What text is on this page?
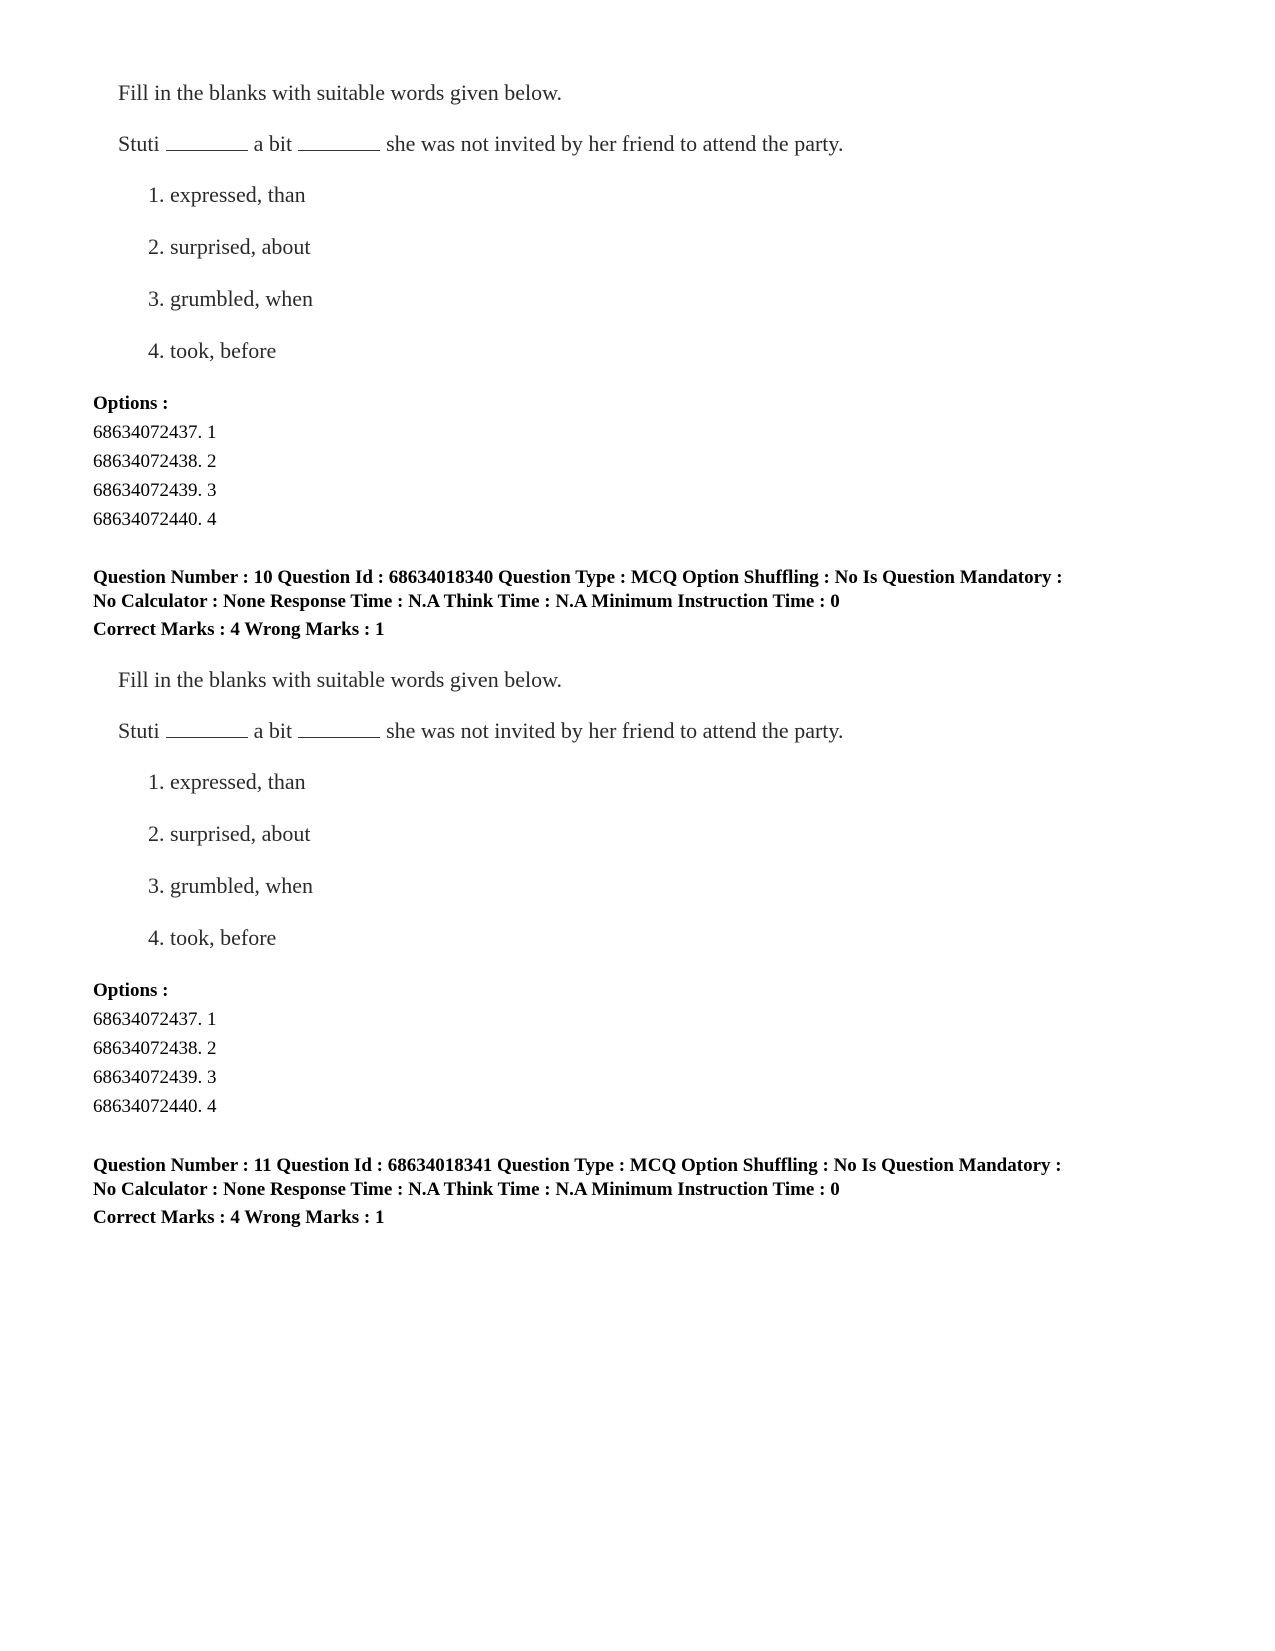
Fill in the blanks with suitable words given below.
Stuti	a bit	she was not invited by her friend to attend the party.
1. expressed, than
2. surprised, about
3. grumbled, when
4. took, before
Options :
68634072437. 1
68634072438. 2
68634072439. 3
68634072440. 4
Question Number : 10 Question Id : 68634018340 Question Type : MCQ Option Shuffling : No Is Question Mandatory :
No Calculator : None Response Time : N.A Think Time : N.A Minimum Instruction Time : 0
Correct Marks : 4 Wrong Marks : 1
Fill in the blanks with suitable words given below.
Stuti	a bit	she was not invited by her friend to attend the party.
1. expressed, than
2. surprised, about
3. grumbled, when
4. took, before
Options :
68634072437. 1
68634072438. 2
68634072439. 3
68634072440. 4
Question Number : 11 Question Id : 68634018341 Question Type : MCQ Option Shuffling : No Is Question Mandatory :
No Calculator : None Response Time : N.A Think Time : N.A Minimum Instruction Time : 0
Correct Marks : 4 Wrong Marks : 1
